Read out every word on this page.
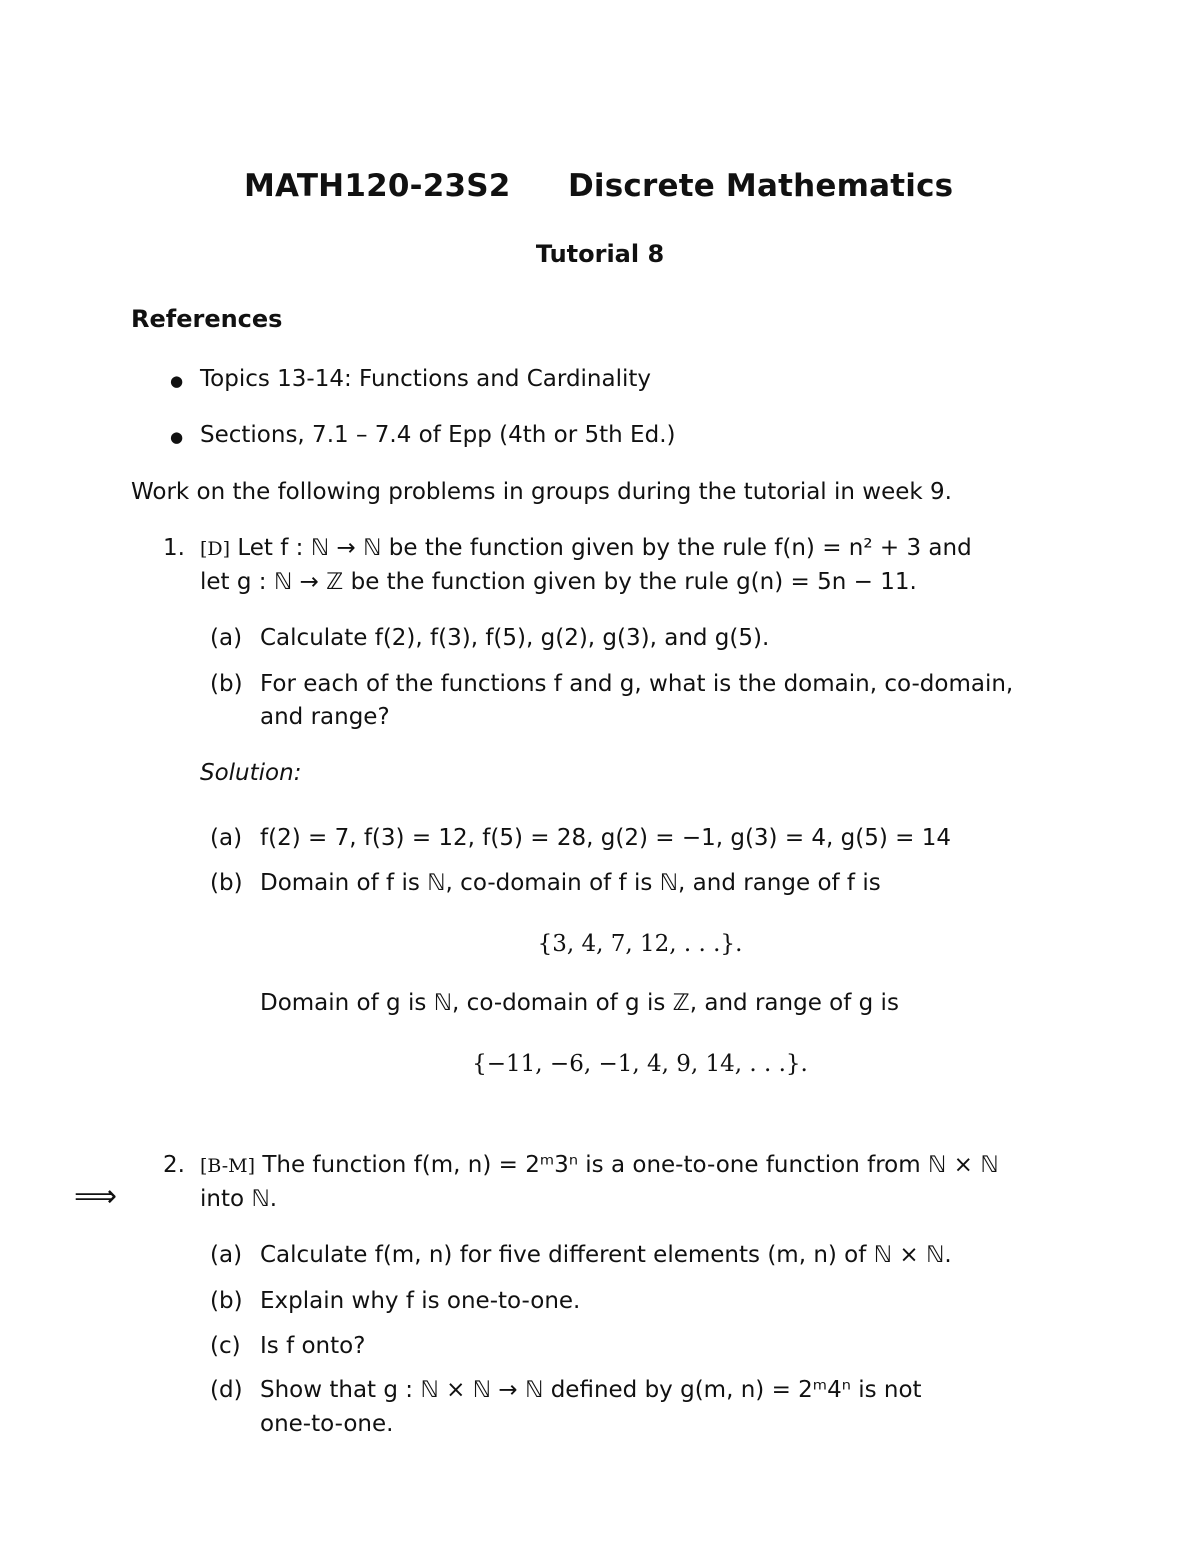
MATH120-23S2 Discrete Mathematics
Tutorial 8
References
● Topics 13-14: Functions and Cardinality
● Sections, 7.1 – 7.4 of Epp (4th or 5th Ed.)
Work on the following problems in groups during the tutorial in week 9.
1. [D] Let f : ℕ → ℕ be the function given by the rule f(n) = n² + 3 and
let g : ℕ → ℤ be the function given by the rule g(n) = 5n − 11.
(a) Calculate f(2), f(3), f(5), g(2), g(3), and g(5).
(b) For each of the functions f and g, what is the domain, co-domain,
and range?
Solution:
(a) f(2) = 7, f(3) = 12, f(5) = 28, g(2) = −1, g(3) = 4, g(5) = 14
(b) Domain of f is ℕ, co-domain of f is ℕ, and range of f is
{3, 4, 7, 12, . . .}.
Domain of g is ℕ, co-domain of g is ℤ, and range of g is
{−11, −6, −1, 4, 9, 14, . . .}.
⟹
2. [B-M] The function f(m, n) = 2ᵐ3ⁿ is a one-to-one function from ℕ × ℕ
into ℕ.
(a) Calculate f(m, n) for five different elements (m, n) of ℕ × ℕ.
(b) Explain why f is one-to-one.
(c) Is f onto?
(d) Show that g : ℕ × ℕ → ℕ defined by g(m, n) = 2ᵐ4ⁿ is not
one-to-one.
